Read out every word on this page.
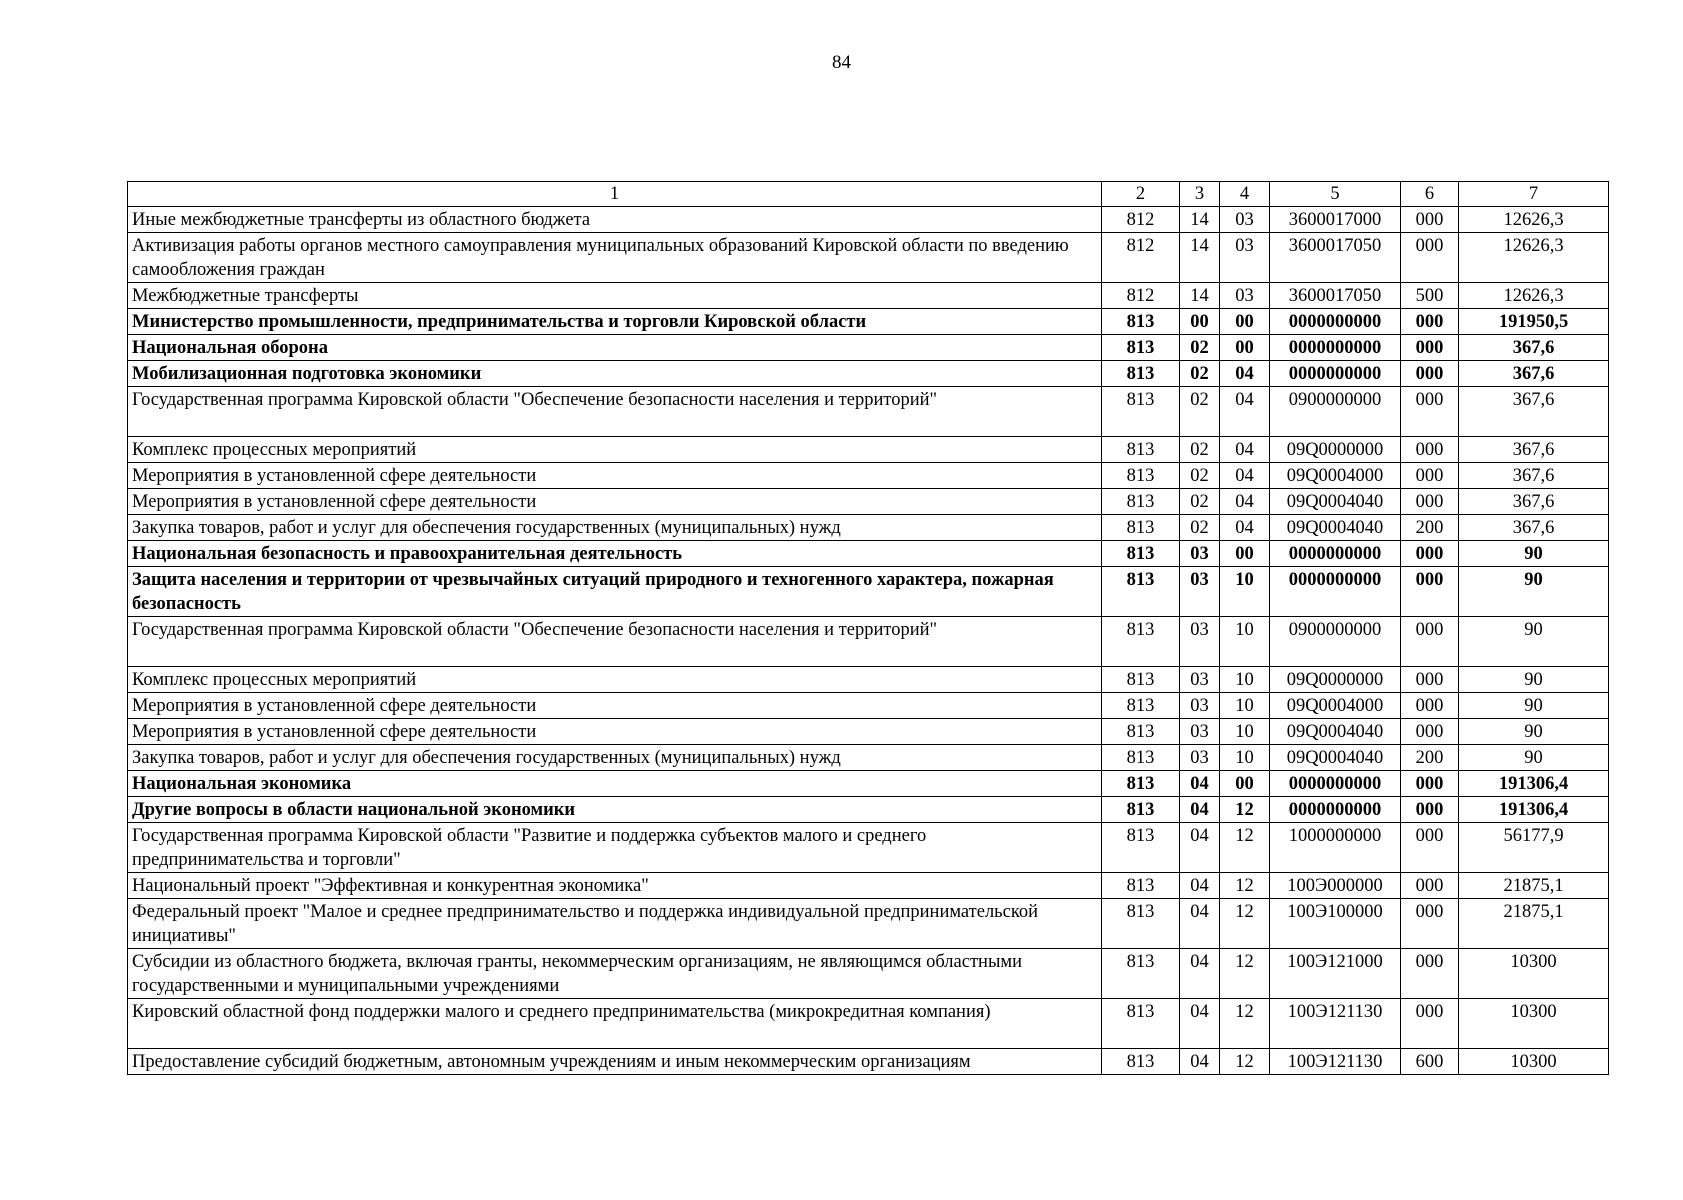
84
1	2	3	4	5	6	7
Иные межбюджетные трансферты из областного бюджета	812	14	03	3600017000	000	12626,3
Активизация работы органов местного самоуправления муниципальных образований Кировской области по введению самообложения граждан	812	14	03	3600017050	000	12626,3
Межбюджетные трансферты	812	14	03	3600017050	500	12626,3
Министерство промышленности, предпринимательства и торговли Кировской области	813	00	00	0000000000	000	191950,5
Национальная оборона	813	02	00	0000000000	000	367,6
Мобилизационная подготовка экономики	813	02	04	0000000000	000	367,6
Государственная программа Кировской области "Обеспечение безопасности населения и территорий"	813	02	04	0900000000	000	367,6
Комплекс процессных мероприятий	813	02	04	09Q0000000	000	367,6
Мероприятия в установленной сфере деятельности	813	02	04	09Q0004000	000	367,6
Мероприятия в установленной сфере деятельности	813	02	04	09Q0004040	000	367,6
Закупка товаров, работ и услуг для обеспечения государственных (муниципальных) нужд	813	02	04	09Q0004040	200	367,6
Национальная безопасность и правоохранительная деятельность	813	03	00	0000000000	000	90
Защита населения и территории от чрезвычайных ситуаций природного и техногенного характера, пожарная безопасность	813	03	10	0000000000	000	90
Государственная программа Кировской области "Обеспечение безопасности населения и территорий"	813	03	10	0900000000	000	90
Комплекс процессных мероприятий	813	03	10	09Q0000000	000	90
Мероприятия в установленной сфере деятельности	813	03	10	09Q0004000	000	90
Мероприятия в установленной сфере деятельности	813	03	10	09Q0004040	000	90
Закупка товаров, работ и услуг для обеспечения государственных (муниципальных) нужд	813	03	10	09Q0004040	200	90
Национальная экономика	813	04	00	0000000000	000	191306,4
Другие вопросы в области национальной экономики	813	04	12	0000000000	000	191306,4
Государственная программа Кировской области "Развитие и поддержка субъектов малого и среднего предпринимательства и торговли"	813	04	12	1000000000	000	56177,9
Национальный проект "Эффективная и конкурентная экономика"	813	04	12	100Э000000	000	21875,1
Федеральный проект "Малое и среднее предпринимательство и поддержка индивидуальной предпринимательской инициативы"	813	04	12	100Э100000	000	21875,1
Субсидии из областного бюджета, включая гранты, некоммерческим организациям, не являющимся областными государственными и муниципальными учреждениями	813	04	12	100Э121000	000	10300
Кировский областной фонд поддержки малого и среднего предпринимательства (микрокредитная компания)	813	04	12	100Э121130	000	10300
Предоставление субсидий бюджетным, автономным учреждениям и иным некоммерческим организациям	813	04	12	100Э121130	600	10300
